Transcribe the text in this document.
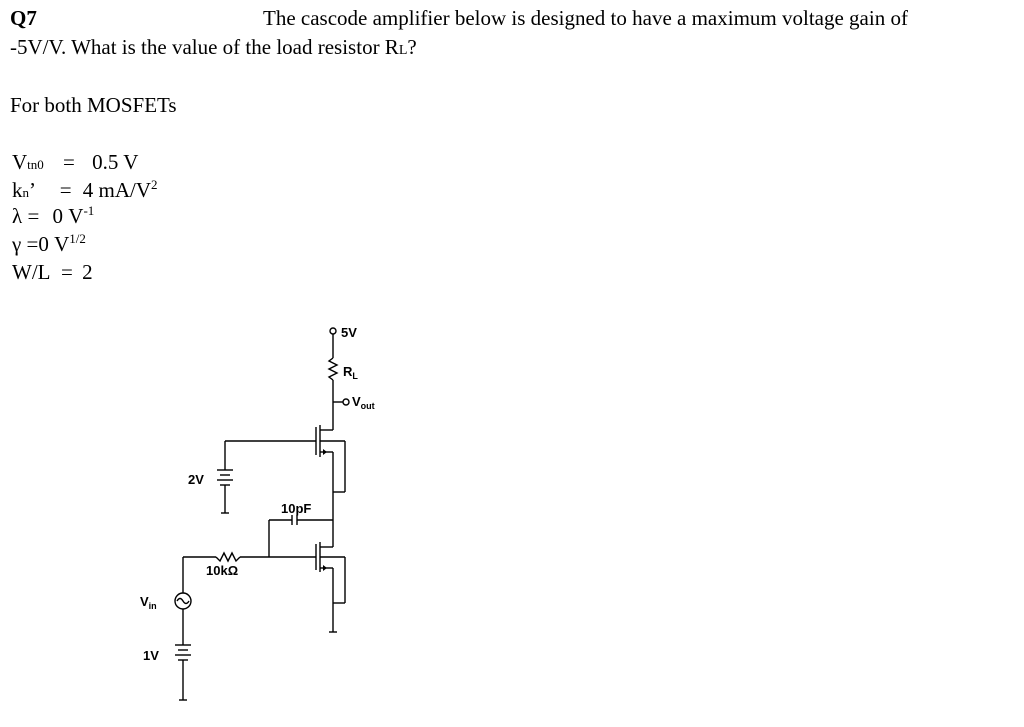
Q7	The cascode amplifier below is designed to have a maximum voltage gain of
-5V/V. What is the value of the load resistor RL?
For both MOSFETs
Vtn0 = 0.5 V
kn’ = 4 $mA/V^2$
λ = 0 $V^{-1}$
γ =0 $V^{1/2}$
W/L = 2
5V
$R_L$
$V_{out}$
2V
10pF
10kΩ
$V_{in}$
1V
